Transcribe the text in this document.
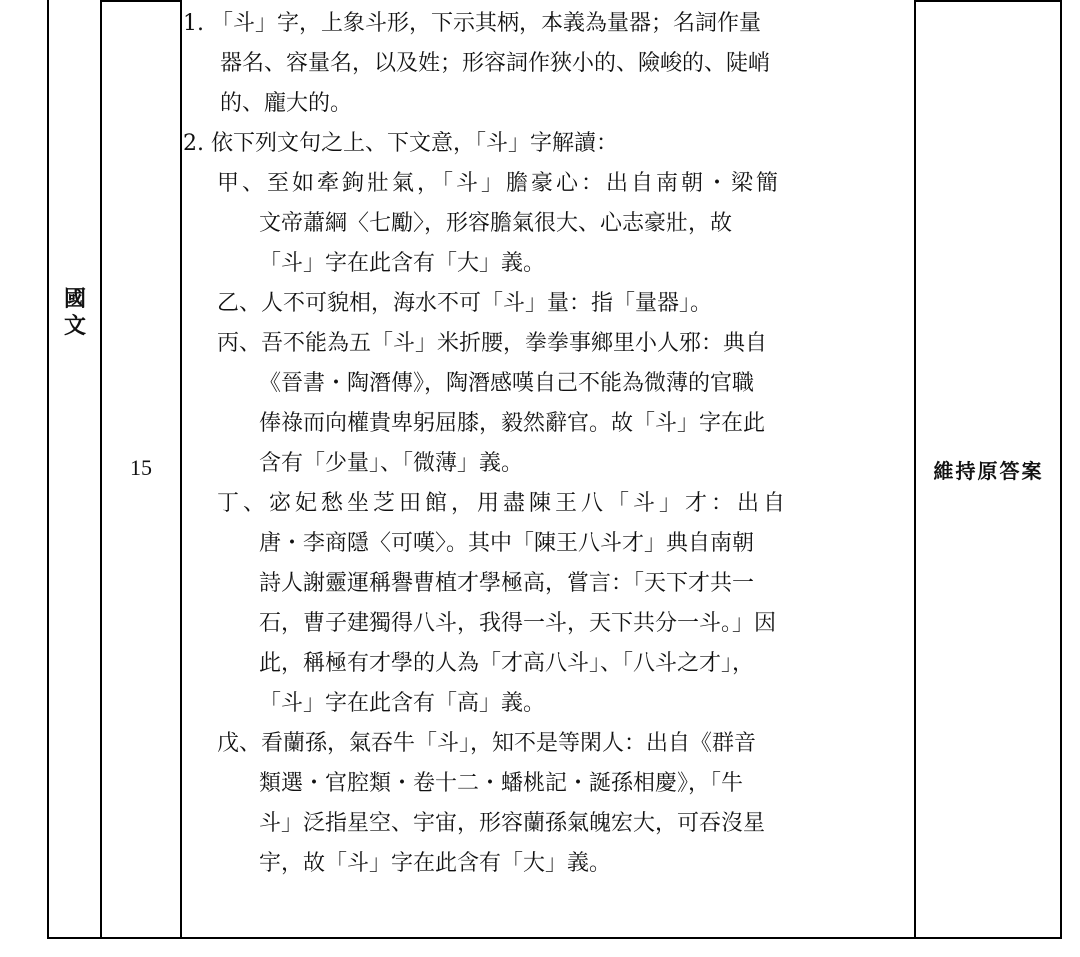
國
文
15
1. 「斗」字，上象斗形，下示其柄，本義為量器；名詞作量
器名、容量名，以及姓；形容詞作狹小的、險峻的、陡峭
的、龐大的。
2. 依下列文句之上、下文意，「斗」字解讀：
甲、至如牽鉤壯氣，「斗」膽豪心：出自南朝・梁簡
文帝蕭綱〈七勵〉，形容膽氣很大、心志豪壯，故
「斗」字在此含有「大」義。
乙、人不可貌相，海水不可「斗」量：指「量器」。
丙、吾不能為五「斗」米折腰，拳拳事鄉里小人邪：典自
《晉書・陶潛傳》，陶潛感嘆自己不能為微薄的官職
俸祿而向權貴卑躬屈膝，毅然辭官。故「斗」字在此
含有「少量」、「微薄」義。
丁、宓妃愁坐芝田館，用盡陳王八「斗」才：出自
唐・李商隱〈可嘆〉。其中「陳王八斗才」典自南朝
詩人謝靈運稱譽曹植才學極高，嘗言：「天下才共一
石，曹子建獨得八斗，我得一斗，天下共分一斗。」因
此，稱極有才學的人為「才高八斗」、「八斗之才」，
「斗」字在此含有「高」義。
戊、看蘭孫，氣吞牛「斗」，知不是等閑人：出自《群音
類選・官腔類・卷十二・蟠桃記・誕孫相慶》，「牛
斗」泛指星空、宇宙，形容蘭孫氣魄宏大，可吞沒星
宇，故「斗」字在此含有「大」義。
維持原答案
